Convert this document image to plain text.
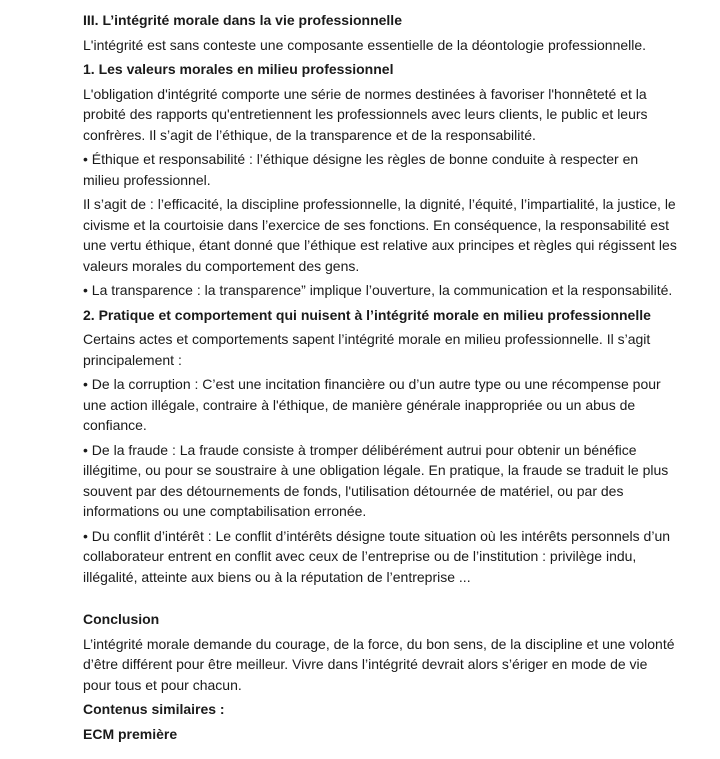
III. L’intégrité morale dans la vie professionnelle

L'intégrité est sans conteste une composante essentielle de la déontologie professionnelle.

1. Les valeurs morales en milieu professionnel

L'obligation d'intégrité comporte une série de normes destinées à favoriser l'honnêteté et la probité des rapports qu'entretiennent les professionnels avec leurs clients, le public et leurs confrères. Il s’agit de l’éthique, de la transparence et de la responsabilité.

• Éthique et responsabilité : l’éthique désigne les règles de bonne conduite à respecter en milieu professionnel.

Il s’agit de : l’efficacité, la discipline professionnelle, la dignité, l’équité, l’impartialité, la justice, le civisme et la courtoisie dans l’exercice de ses fonctions. En conséquence, la responsabilité est une vertu éthique, étant donné que l’éthique est relative aux principes et règles qui régissent les valeurs morales du comportement des gens.

• La transparence : la transparence” implique l’ouverture, la communication et la responsabilité.

2. Pratique et comportement qui nuisent à l’intégrité morale en milieu professionnelle

Certains actes et comportements sapent l’intégrité morale en milieu professionnelle. Il s’agit principalement :

• De la corruption : C’est une incitation financière ou d’un autre type ou une récompense pour une action illégale, contraire à l'éthique, de manière générale inappropriée ou un abus de confiance.

• De la fraude : La fraude consiste à tromper délibérément autrui pour obtenir un bénéfice illégitime, ou pour se soustraire à une obligation légale. En pratique, la fraude se traduit le plus souvent par des détournements de fonds, l'utilisation détournée de matériel, ou par des informations ou une comptabilisation erronée.

• Du conflit d’intérêt : Le conflit d’intérêts désigne toute situation où les intérêts personnels d’un collaborateur entrent en conflit avec ceux de l’entreprise ou de l’institution : privilège indu, illégalité, atteinte aux biens ou à la réputation de l’entreprise ...

Conclusion

L’intégrité morale demande du courage, de la force, du bon sens, de la discipline et une volonté d’être différent pour être meilleur. Vivre dans l’intégrité devrait alors s’ériger en mode de vie pour tous et pour chacun.

Contenus similaires :

ECM première
